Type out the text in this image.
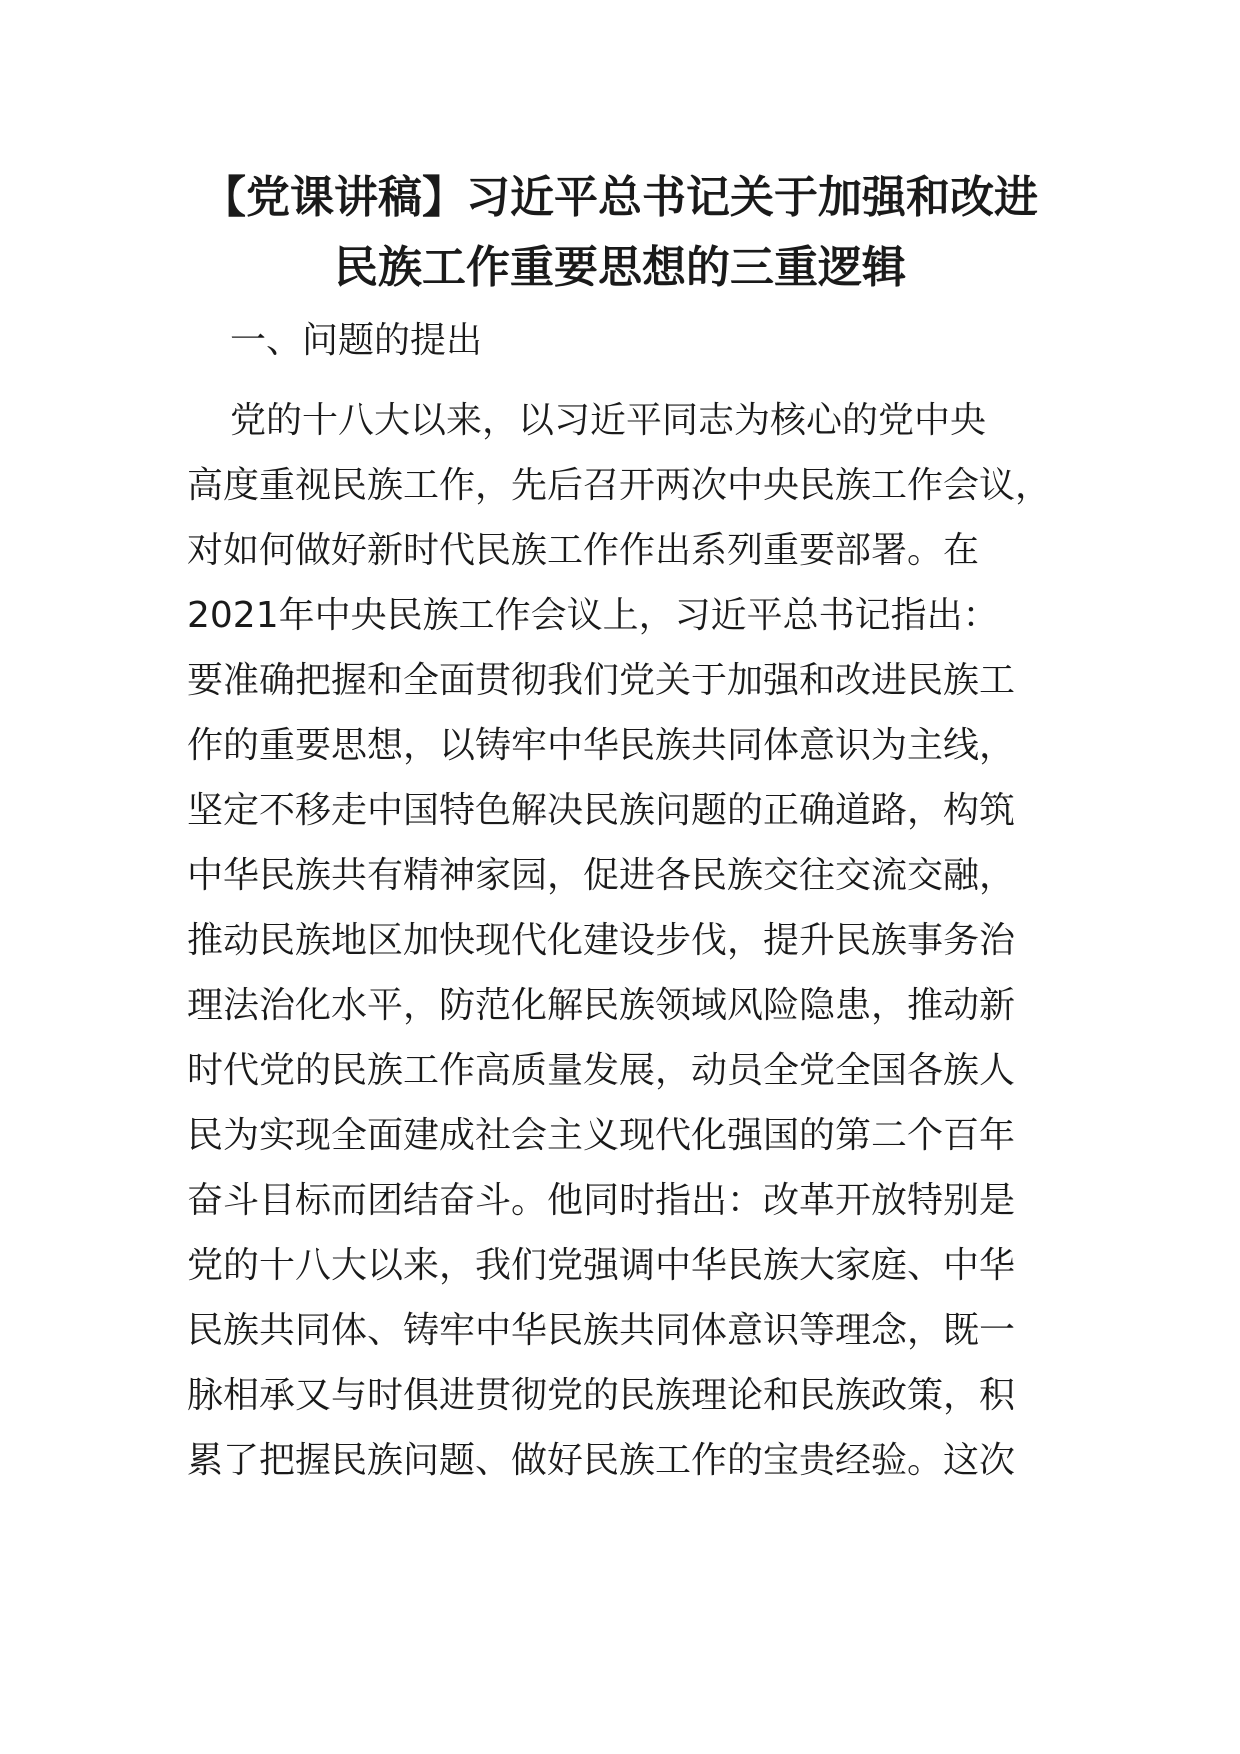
【党课讲稿】习近平总书记关于加强和改进
民族工作重要思想的三重逻辑
一、问题的提出
党的十八大以来，以习近平同志为核心的党中央
高度重视民族工作，先后召开两次中央民族工作会议，
对如何做好新时代民族工作作出系列重要部署。在
2021年中央民族工作会议上，习近平总书记指出：
要准确把握和全面贯彻我们党关于加强和改进民族工
作的重要思想，以铸牢中华民族共同体意识为主线，
坚定不移走中国特色解决民族问题的正确道路，构筑
中华民族共有精神家园，促进各民族交往交流交融，
推动民族地区加快现代化建设步伐，提升民族事务治
理法治化水平，防范化解民族领域风险隐患，推动新
时代党的民族工作高质量发展，动员全党全国各族人
民为实现全面建成社会主义现代化强国的第二个百年
奋斗目标而团结奋斗。他同时指出：改革开放特别是
党的十八大以来，我们党强调中华民族大家庭、中华
民族共同体、铸牢中华民族共同体意识等理念，既一
脉相承又与时俱进贯彻党的民族理论和民族政策，积
累了把握民族问题、做好民族工作的宝贵经验。这次
